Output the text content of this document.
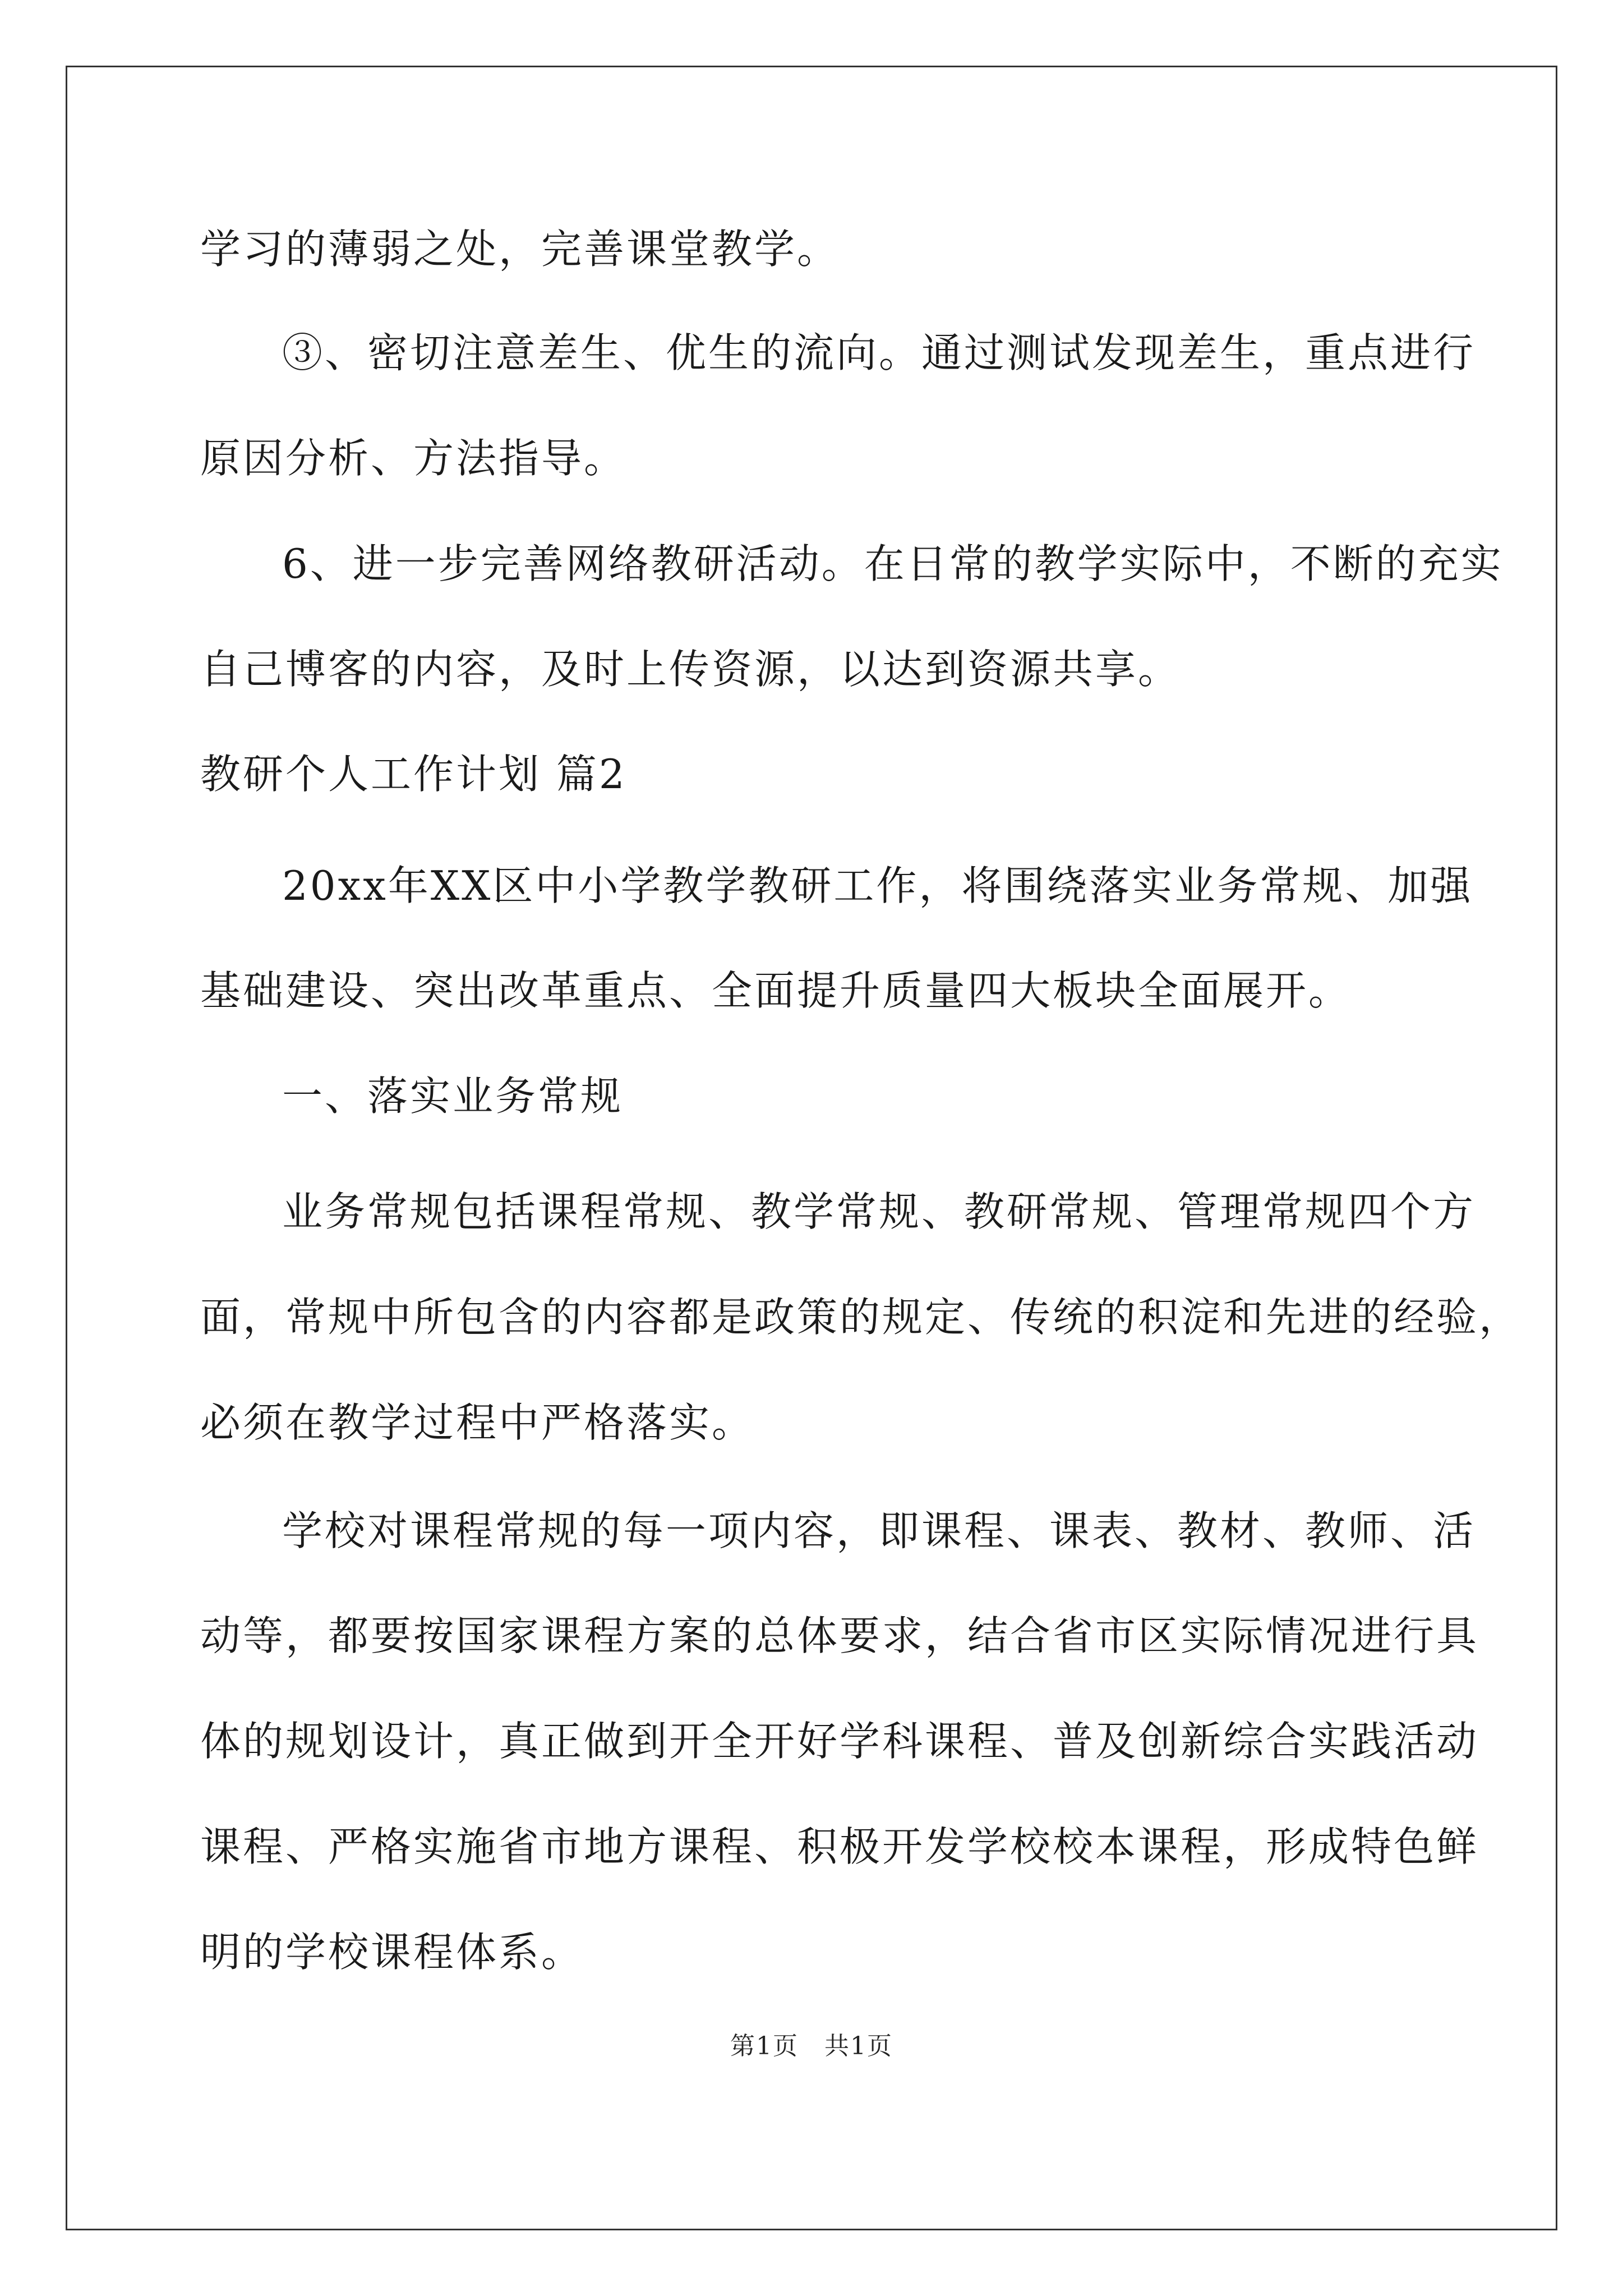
学习的薄弱之处，完善课堂教学。
③、密切注意差生、优生的流向。通过测试发现差生，重点进行
原因分析、方法指导。
6、进一步完善网络教研活动。在日常的教学实际中，不断的充实
自己博客的内容，及时上传资源，以达到资源共享。
教研个人工作计划 篇2
20xx年XX区中小学教学教研工作，将围绕落实业务常规、加强
基础建设、突出改革重点、全面提升质量四大板块全面展开。
一、落实业务常规
业务常规包括课程常规、教学常规、教研常规、管理常规四个方
面，常规中所包含的内容都是政策的规定、传统的积淀和先进的经验，
必须在教学过程中严格落实。
学校对课程常规的每一项内容，即课程、课表、教材、教师、活
动等，都要按国家课程方案的总体要求，结合省市区实际情况进行具
体的规划设计，真正做到开全开好学科课程、普及创新综合实践活动
课程、严格实施省市地方课程、积极开发学校校本课程，形成特色鲜
明的学校课程体系。
第1页　共1页
